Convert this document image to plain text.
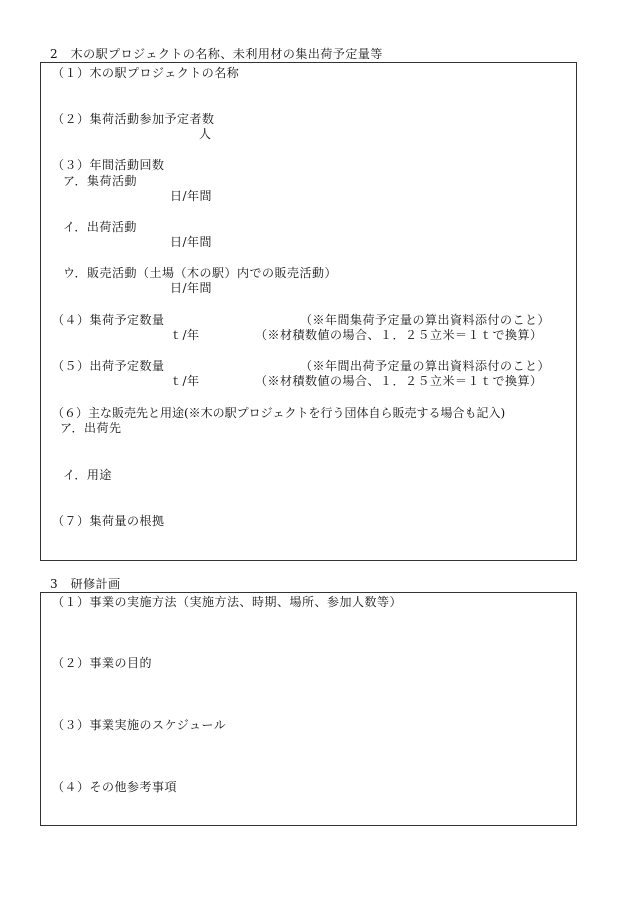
2　木の駅プロジェクトの名称、未利用材の集出荷予定量等
（１）木の駅プロジェクトの名称
（２）集荷活動参加予定者数
人
（３）年間活動回数
ア．集荷活動
日/年間
イ．出荷活動
日/年間
ウ．販売活動（土場（木の駅）内での販売活動）
日/年間
（４）集荷予定数量	（※年間集荷予定量の算出資料添付のこと）
ｔ/年	（※材積数値の場合、１．２５立米＝１ｔで換算）
（５）出荷予定数量	（※年間出荷予定量の算出資料添付のこと）
ｔ/年	（※材積数値の場合、１．２５立米＝１ｔで換算）
（６）主な販売先と用途(※木の駅プロジェクトを行う団体自ら販売する場合も記入)
ア．出荷先
イ．用途
（７）集荷量の根拠
3　研修計画
（１）事業の実施方法（実施方法、時期、場所、参加人数等）
（２）事業の目的
（３）事業実施のスケジュール
（４）その他参考事項
